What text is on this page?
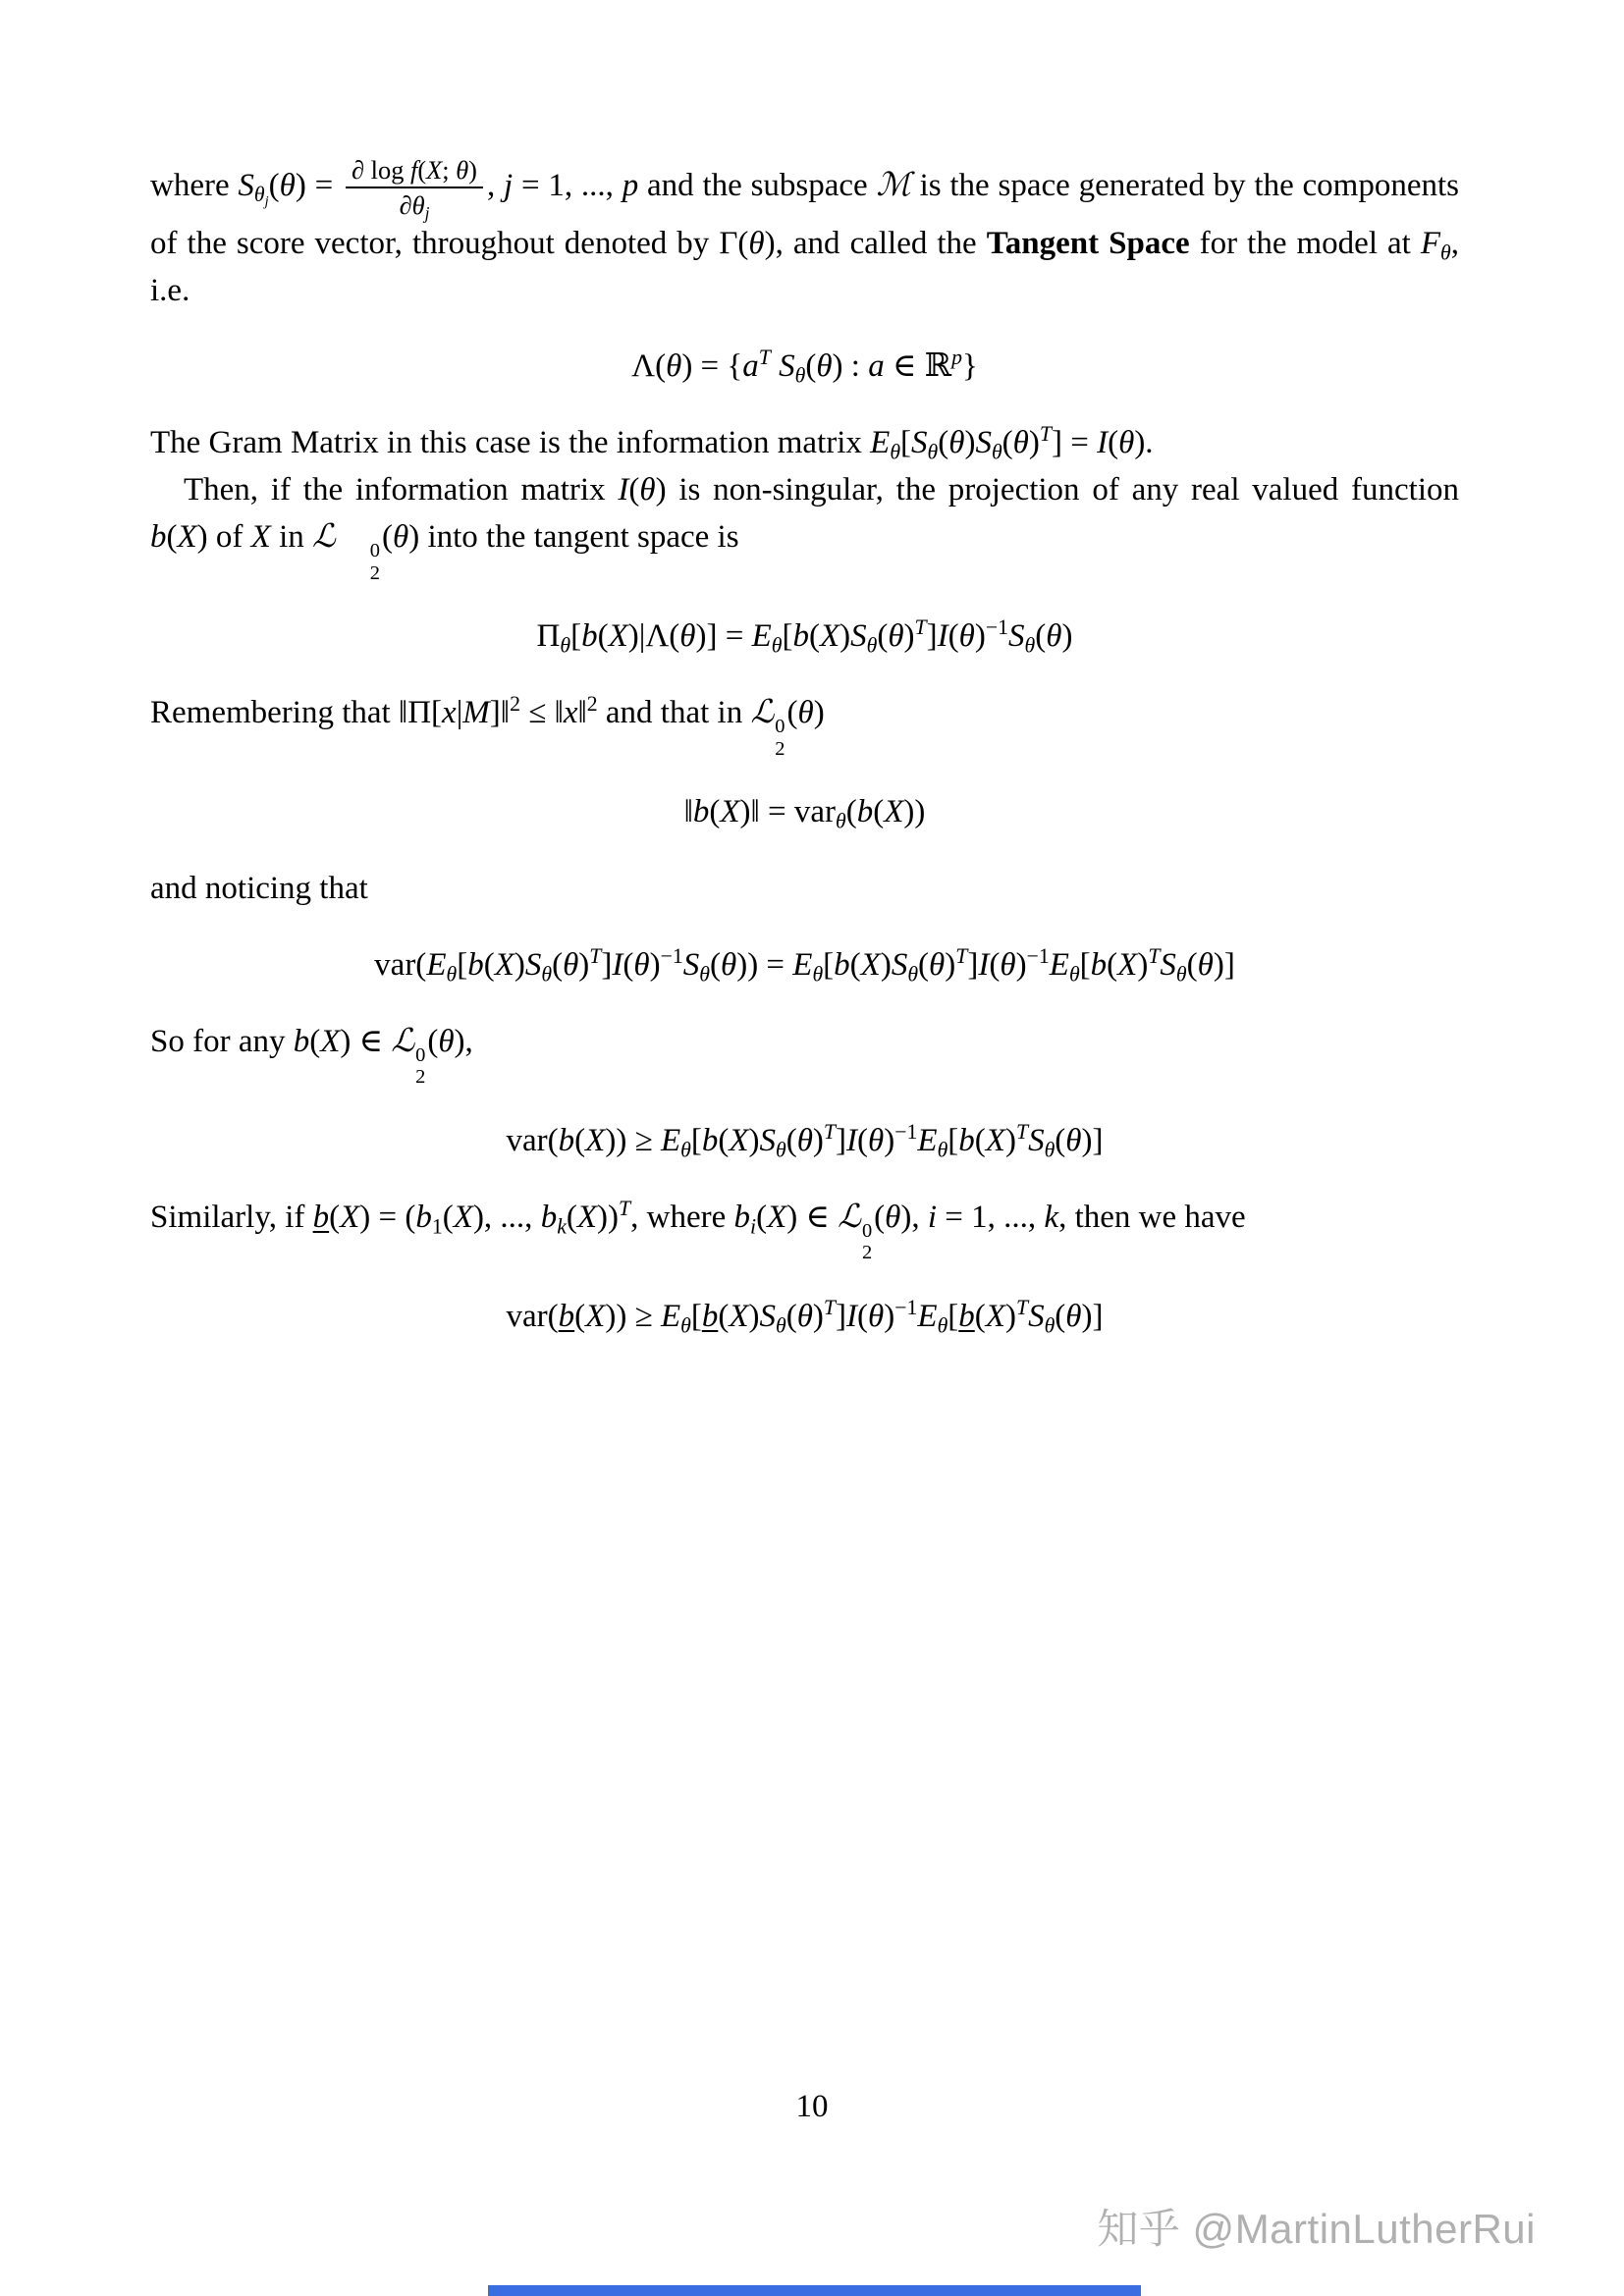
where $S_{\theta_j}(\theta) = \frac{\text{∂ log f(X; θ)}}{\partial\theta_j}$ , j = 1, ..., p and the subspace ℳ is the space generated by the components of the score vector, throughout denoted by Γ(θ), and called the Tangent Space for the model at $F_\theta$, i.e.

$\Lambda(\theta) = \{a^T$ $S_\theta(\theta)$ : a ∈ ℝ$^p$}

The Gram Matrix in this case is the information matrix $E_\theta[S_\theta(\theta)S_\theta(\theta)^T] = I(\theta)$.

Then, if the information matrix I(θ) is non-singular, the projection of any real valued function b(X) of X in ℒ	0
2
(θ) into the tangent space is

$\Pi_\theta[b(X)|\Lambda(\theta)] = E_\theta[b(X)S_\theta(\theta)^T]I(\theta)^{-1}S_\theta(\theta)$

Remembering that ‖Π[x|M]‖$^2$ ≤ ‖x‖$^2$ and that in ℒ 0
2
(θ)

‖b(X)‖ = var$_\theta$(b(X))

and noticing that

$var(E_\theta[b(X)S_\theta(\theta)^T]I(\theta)^{-1}S_\theta(\theta)) = E_\theta[b(X)S_\theta(\theta)^T]I(\theta)^{-1}E_\theta[b(X)^TS_\theta(\theta)]$

So for any b(X) ∈ ℒ 0
2
(θ),

$var(b(X)) \ge E_\theta[b(X)S_\theta(\theta)^T]I(\theta)^{-1}E_\theta[b(X)^TS_\theta(\theta)]$

Similarly, if $b(X) = (b_1(X)$, ..., $b_k(X))^T$, where $b_i(X)$ ∈ ℒ 0
2
(θ), i = 1, ..., k, then we have

$var(b(X)) \ge E_\theta[b(X)S_\theta(\theta)^T]I(\theta)^{-1}E_\theta[b(X)^TS_\theta(\theta)]$

10
知乎 @MartinLutherRui
